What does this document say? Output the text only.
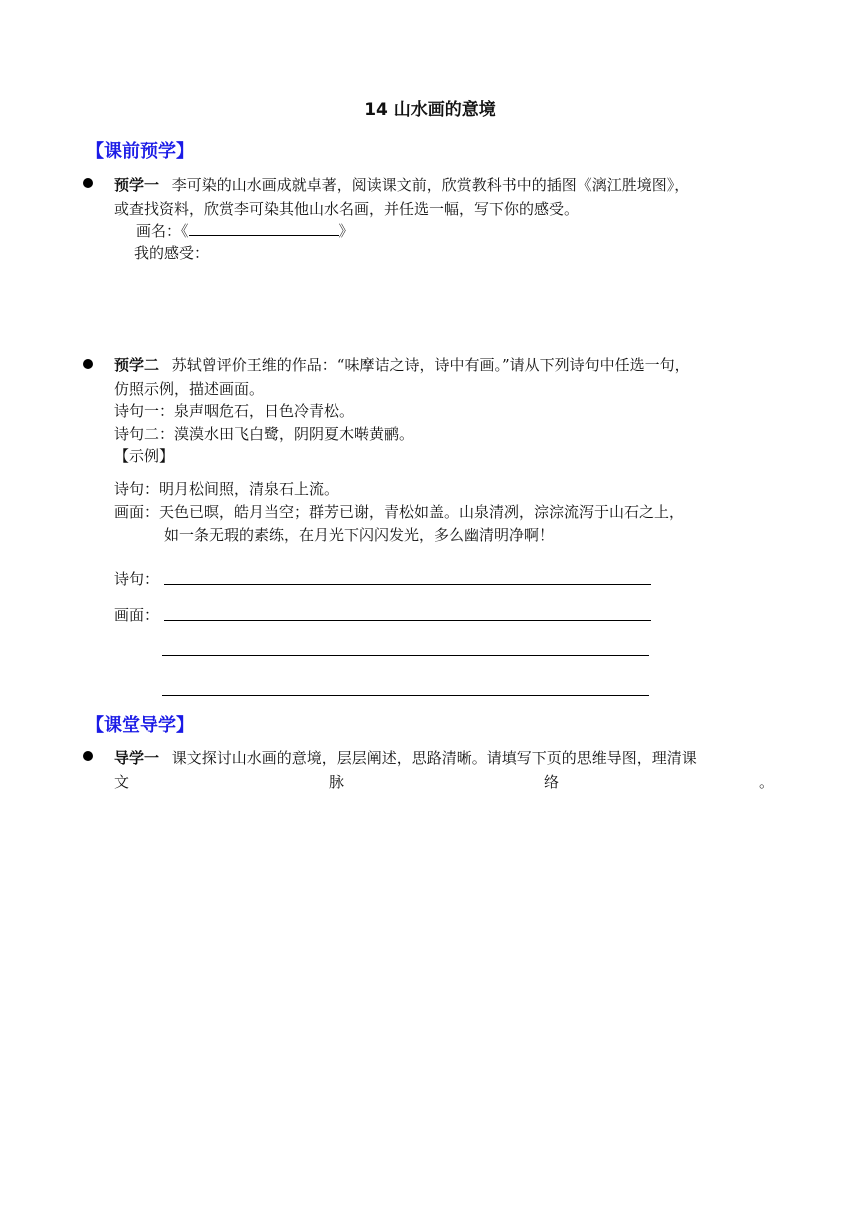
14 山水画的意境
【课前预学】
预学一 李可染的山水画成就卓著，阅读课文前，欣赏教科书中的插图《漓江胜境图》，
或查找资料，欣赏李可染其他山水名画，并任选一幅，写下你的感受。
画名：《	》
我的感受：
预学二 苏轼曾评价王维的作品：“味摩诘之诗，诗中有画。”请从下列诗句中任选一句，
仿照示例，描述画面。
诗句一：泉声咽危石，日色冷青松。
诗句二：漠漠水田飞白鹭，阴阴夏木啭黄鹂。
【示例】
诗句：明月松间照，清泉石上流。
画面：天色已暝，皓月当空；群芳已谢，青松如盖。山泉清冽，淙淙流泻于山石之上，
如一条无瑕的素练，在月光下闪闪发光，多么幽清明净啊！
诗句：
画面：
【课堂导学】
导学一 课文探讨山水画的意境，层层阐述，思路清晰。请填写下页的思维导图，理清课
文	脉	络	。
